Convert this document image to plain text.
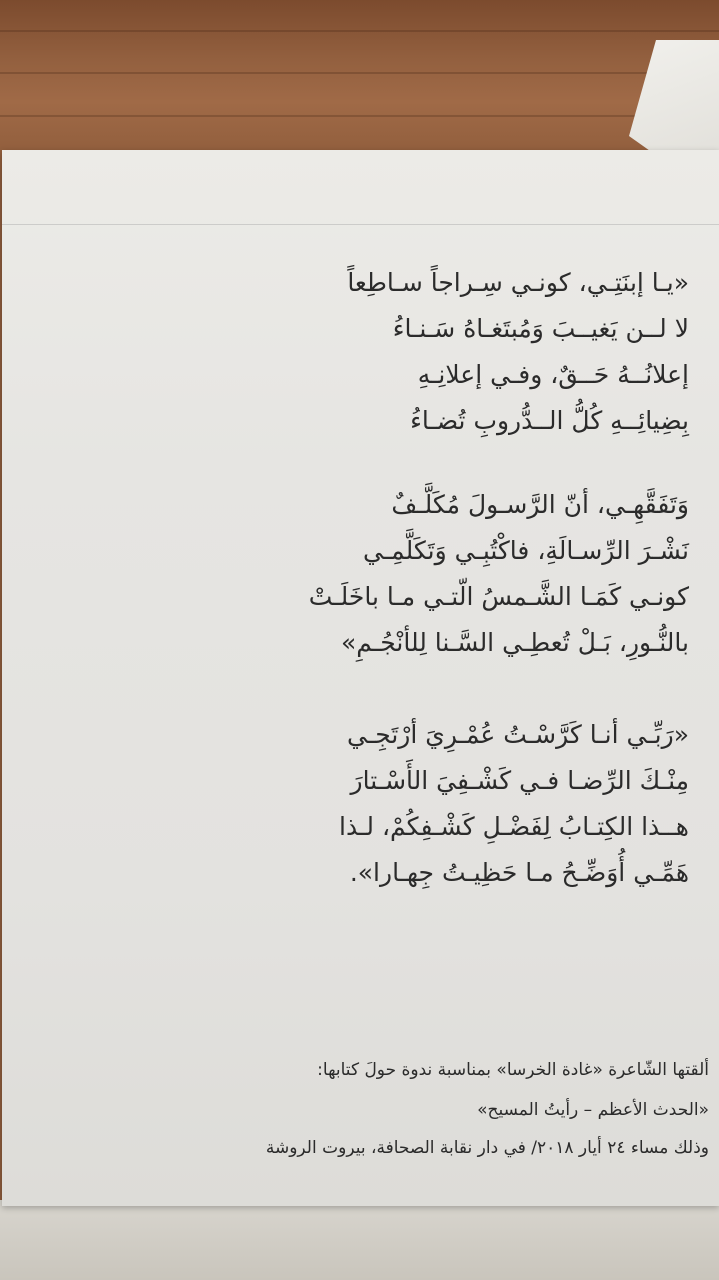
«يـا إبنَتِـي، كونـي سِـراجاً سـاطِعاً
لا لــن يَغيــبَ وَمُبتَغـاهُ سَـنـاءُ
إعلانُــهُ حَــقٌ، وفـي إعلانِـهِ
بِضِيائِــهِ كُلُّ الــدُّروبِ تُضـاءُ
وَتَفَقَّهِـي، أنّ الرَّسـولَ مُكَلَّـفٌ
نَشْـرَ الرِّسـالَةِ، فاكْتُبِـي وَتَكَلَّمِـي
كونـي كَمَـا الشَّـمسُ الّتـي مـا باخَلَـتْ
بالنُّـورِ، بَـلْ تُعطِـي السَّـنا لِلأنْجُـمِ»
«رَبِّـي أنـا كَرَّسْـتُ عُمْـرِيَ أرْتَجِـي
مِنْـكَ الرِّضـا فـي كَشْـفِيَ الأَسْـتارَ
هــذا الكِتـابُ لِفَضْـلِ كَشْـفِكُمْ، لـذا
هَمِّـي أُوَضِّـحُ مـا حَظِيـتُ جِهـارا».
ألقتها الشّاعرة «غادة الخرسا» بمناسبة ندوة حولَ كتابها:
«الحدث الأعظم – رأيتُ المسيح»
وذلك مساء ٢٤ أيار ٢٠١٨/ في دار نقابة الصحافة، بيروت الروشة
